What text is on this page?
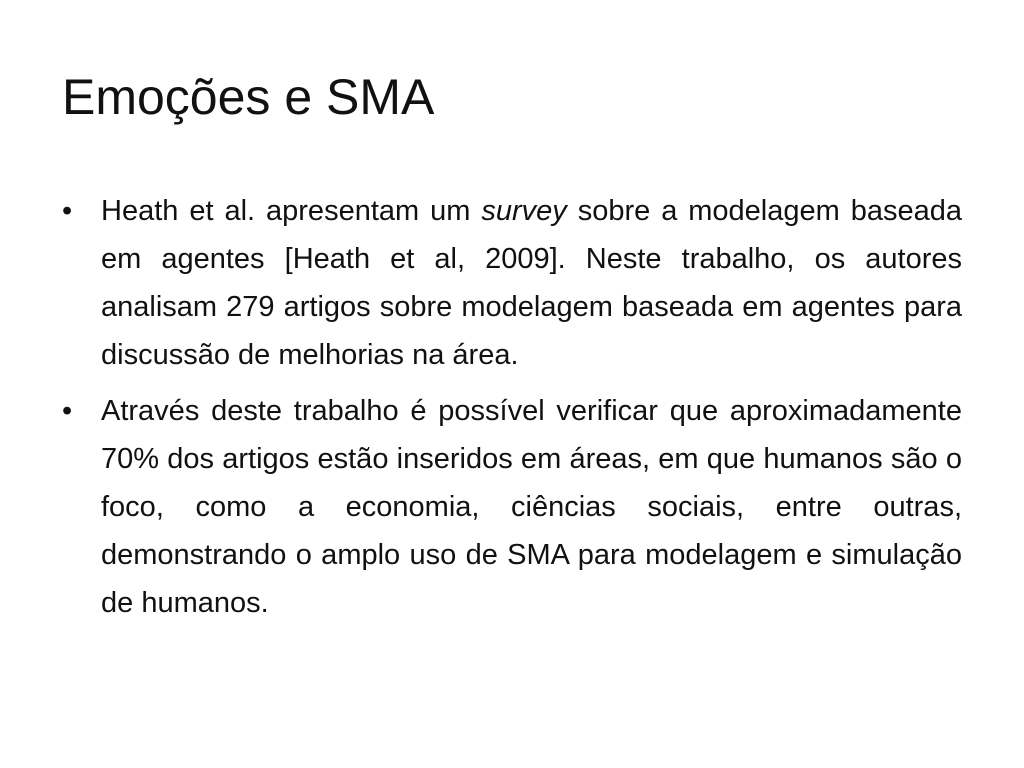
Emoções e SMA
• Heath et al. apresentam um survey sobre a modelagem baseada em agentes [Heath et al, 2009]. Neste trabalho, os autores analisam 279 artigos sobre modelagem baseada em agentes para discussão de melhorias na área.
• Através deste trabalho é possível verificar que aproximadamente 70% dos artigos estão inseridos em áreas, em que humanos são o foco, como a economia, ciências sociais, entre outras, demonstrando o amplo uso de SMA para modelagem e simulação de humanos.
